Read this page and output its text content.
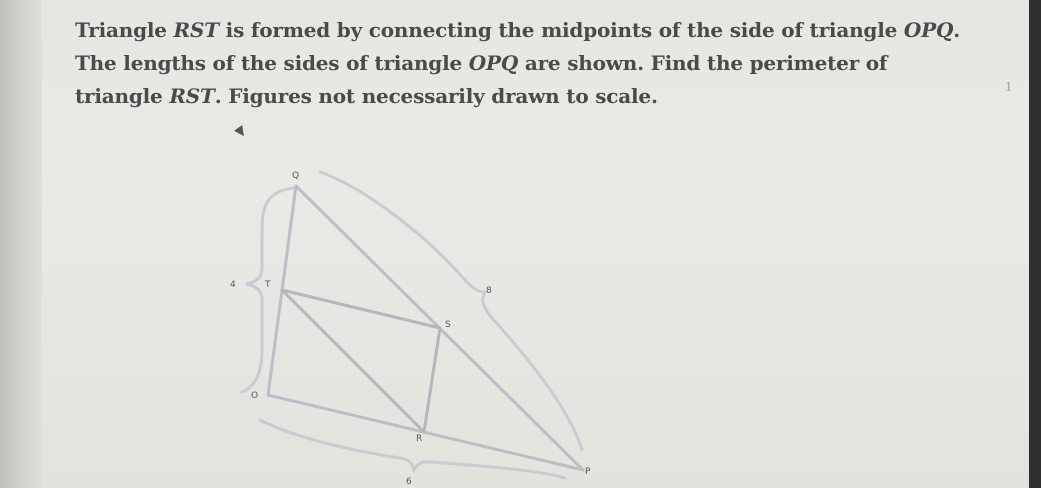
Triangle RST is formed by connecting the midpoints of the side of triangle OPQ. The lengths of the sides of triangle OPQ are shown. Find the perimeter of triangle RST. Figures not necessarily drawn to scale.	1
Q
O
P
T
S
R
4
8
6
